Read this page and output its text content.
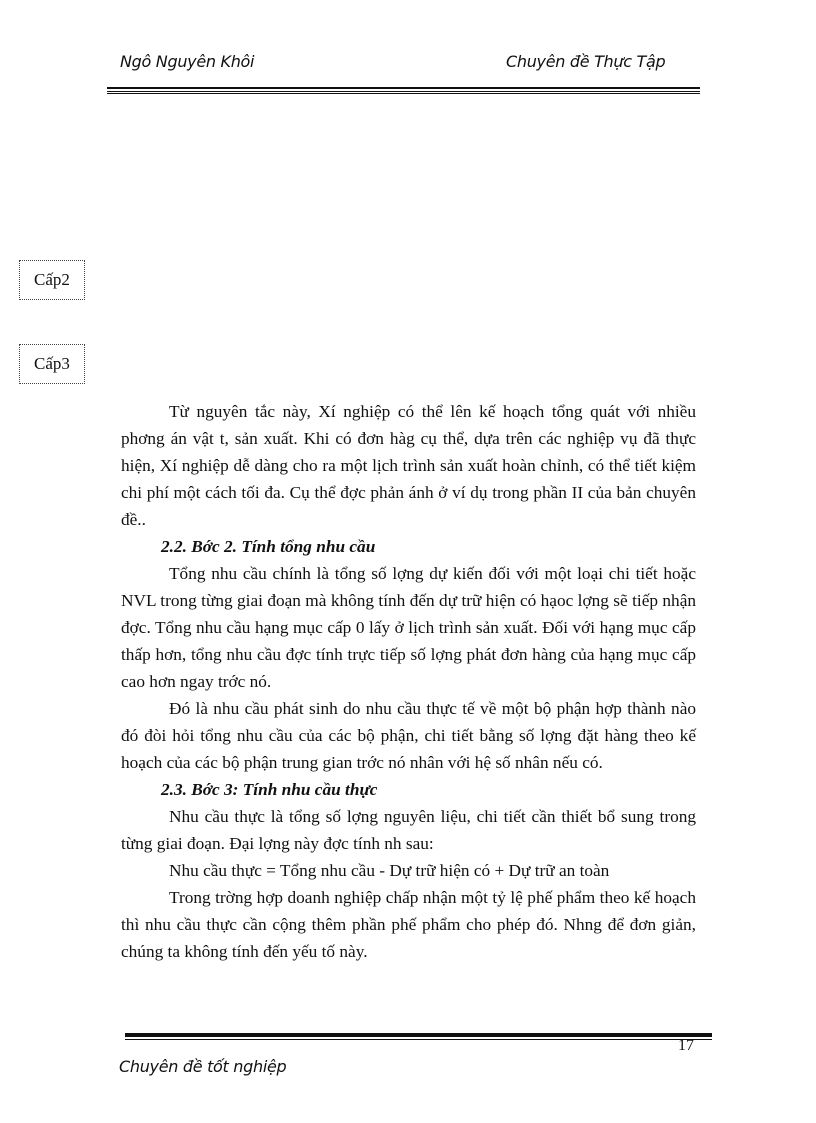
Ngô Nguyên Khôi	Chuyên đề Thực Tập
Cấp2
Cấp3

Từ nguyên tắc này, Xí nghiệp có thể lên kế hoạch tổng quát với nhiều phơng án vật t, sản xuất. Khi có đơn hàg cụ thể, dựa trên các nghiệp vụ đã thực hiện, Xí nghiệp dễ dàng cho ra một lịch trình sản xuất hoàn chỉnh, có thể tiết kiệm chi phí một cách tối đa. Cụ thể đợc phản ánh ở ví dụ trong phần II của bản chuyên đề..

2.2. Bớc 2. Tính tổng nhu cầu

Tổng nhu cầu chính là tổng số lợng dự kiến đối với một loại chi tiết hoặc NVL trong từng giai đoạn mà không tính đến dự trữ hiện có hạoc lợng sẽ tiếp nhận đợc. Tổng nhu cầu hạng mục cấp 0 lấy ở lịch trình sản xuất. Đối với hạng mục cấp thấp hơn, tổng nhu cầu đợc tính trực tiếp số lợng phát đơn hàng của hạng mục cấp cao hơn ngay trớc nó.

Đó là nhu cầu phát sinh do nhu cầu thực tế về một bộ phận hợp thành nào đó đòi hỏi tổng nhu cầu của các bộ phận, chi tiết bằng số lợng đặt hàng theo kế hoạch của các bộ phận trung gian trớc nó nhân với hệ số nhân nếu có.

2.3. Bớc 3: Tính nhu cầu thực

Nhu cầu thực là tổng số lợng nguyên liệu, chi tiết cần thiết bổ sung trong từng giai đoạn. Đại lợng này đợc tính nh sau:

Nhu cầu thực = Tổng nhu cầu - Dự trữ hiện có + Dự trữ an toàn

Trong trờng hợp doanh nghiệp chấp nhận một tỷ lệ phế phẩm theo kế hoạch thì nhu cầu thực cần cộng thêm phần phế phẩm cho phép đó. Nhng để đơn giản, chúng ta không tính đến yếu tố này.

17
Chuyên đề tốt nghiệp
